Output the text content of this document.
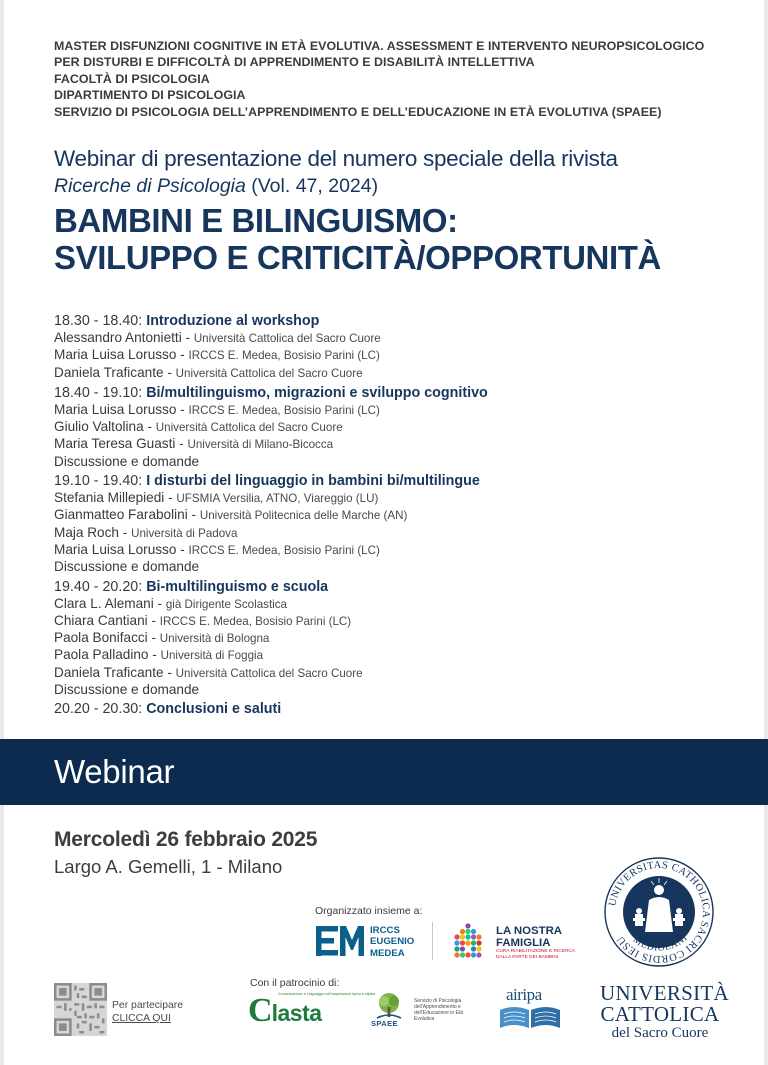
MASTER DISFUNZIONI COGNITIVE IN ETÀ EVOLUTIVA. ASSESSMENT E INTERVENTO NEUROPSICOLOGICO
PER DISTURBI E DIFFICOLTÀ DI APPRENDIMENTO E DISABILITÀ INTELLETTIVA
FACOLTÀ DI PSICOLOGIA
DIPARTIMENTO DI PSICOLOGIA
SERVIZIO DI PSICOLOGIA DELL’APPRENDIMENTO E DELL’EDUCAZIONE IN ETÀ EVOLUTIVA (SPAEE)
Webinar di presentazione del numero speciale della rivista
Ricerche di Psicologia (Vol. 47, 2024)
BAMBINI E BILINGUISMO:
SVILUPPO E CRITICITÀ/OPPORTUNITÀ
18.30 - 18.40: Introduzione al workshop
Alessandro Antonietti - Università Cattolica del Sacro Cuore
Maria Luisa Lorusso - IRCCS E. Medea, Bosisio Parini (LC)
Daniela Traficante - Università Cattolica del Sacro Cuore
18.40 - 19.10: Bi/multilinguismo, migrazioni e sviluppo cognitivo
Maria Luisa Lorusso - IRCCS E. Medea, Bosisio Parini (LC)
Giulio Valtolina - Università Cattolica del Sacro Cuore
Maria Teresa Guasti - Università di Milano-Bicocca
Discussione e domande
19.10 - 19.40: I disturbi del linguaggio in bambini bi/multilingue
Stefania Millepiedi - UFSMIA Versilia, ATNO, Viareggio (LU)
Gianmatteo Farabolini - Università Politecnica delle Marche (AN)
Maja Roch - Università di Padova
Maria Luisa Lorusso - IRCCS E. Medea, Bosisio Parini (LC)
Discussione e domande
19.40 - 20.20: Bi-multilinguismo e scuola
Clara L. Alemani - già Dirigente Scolastica
Chiara Cantiani - IRCCS E. Medea, Bosisio Parini (LC)
Paola Bonifacci - Università di Bologna
Paola Palladino - Università di Foggia
Daniela Traficante - Università Cattolica del Sacro Cuore
Discussione e domande
20.20 - 20.30: Conclusioni e saluti
Webinar
Mercoledì 26 febbraio 2025
Largo A. Gemelli, 1 - Milano
Organizzato insieme a:
IRCCS
EUGENIO
MEDEA
LA NOSTRA
FAMIGLIA
CURA RIABILITAZIONE E RICERCA
DALLA PARTE DEI BAMBINI
Per partecipare
CLICCA QUI
Con il patrocinio di:
Comunicazione e Linguaggio nell'acquisizione tipica e atipica
Clasta	SPAEE
Servizio di Psicologia dell'Apprendimento e dell'Educazione in Età Evolutiva
airipa
UNIVERSITAS CATHOLICA SACRI CORDIS IESU MEDIOLANI
UNIVERSITÀ
CATTOLICA
del Sacro Cuore
